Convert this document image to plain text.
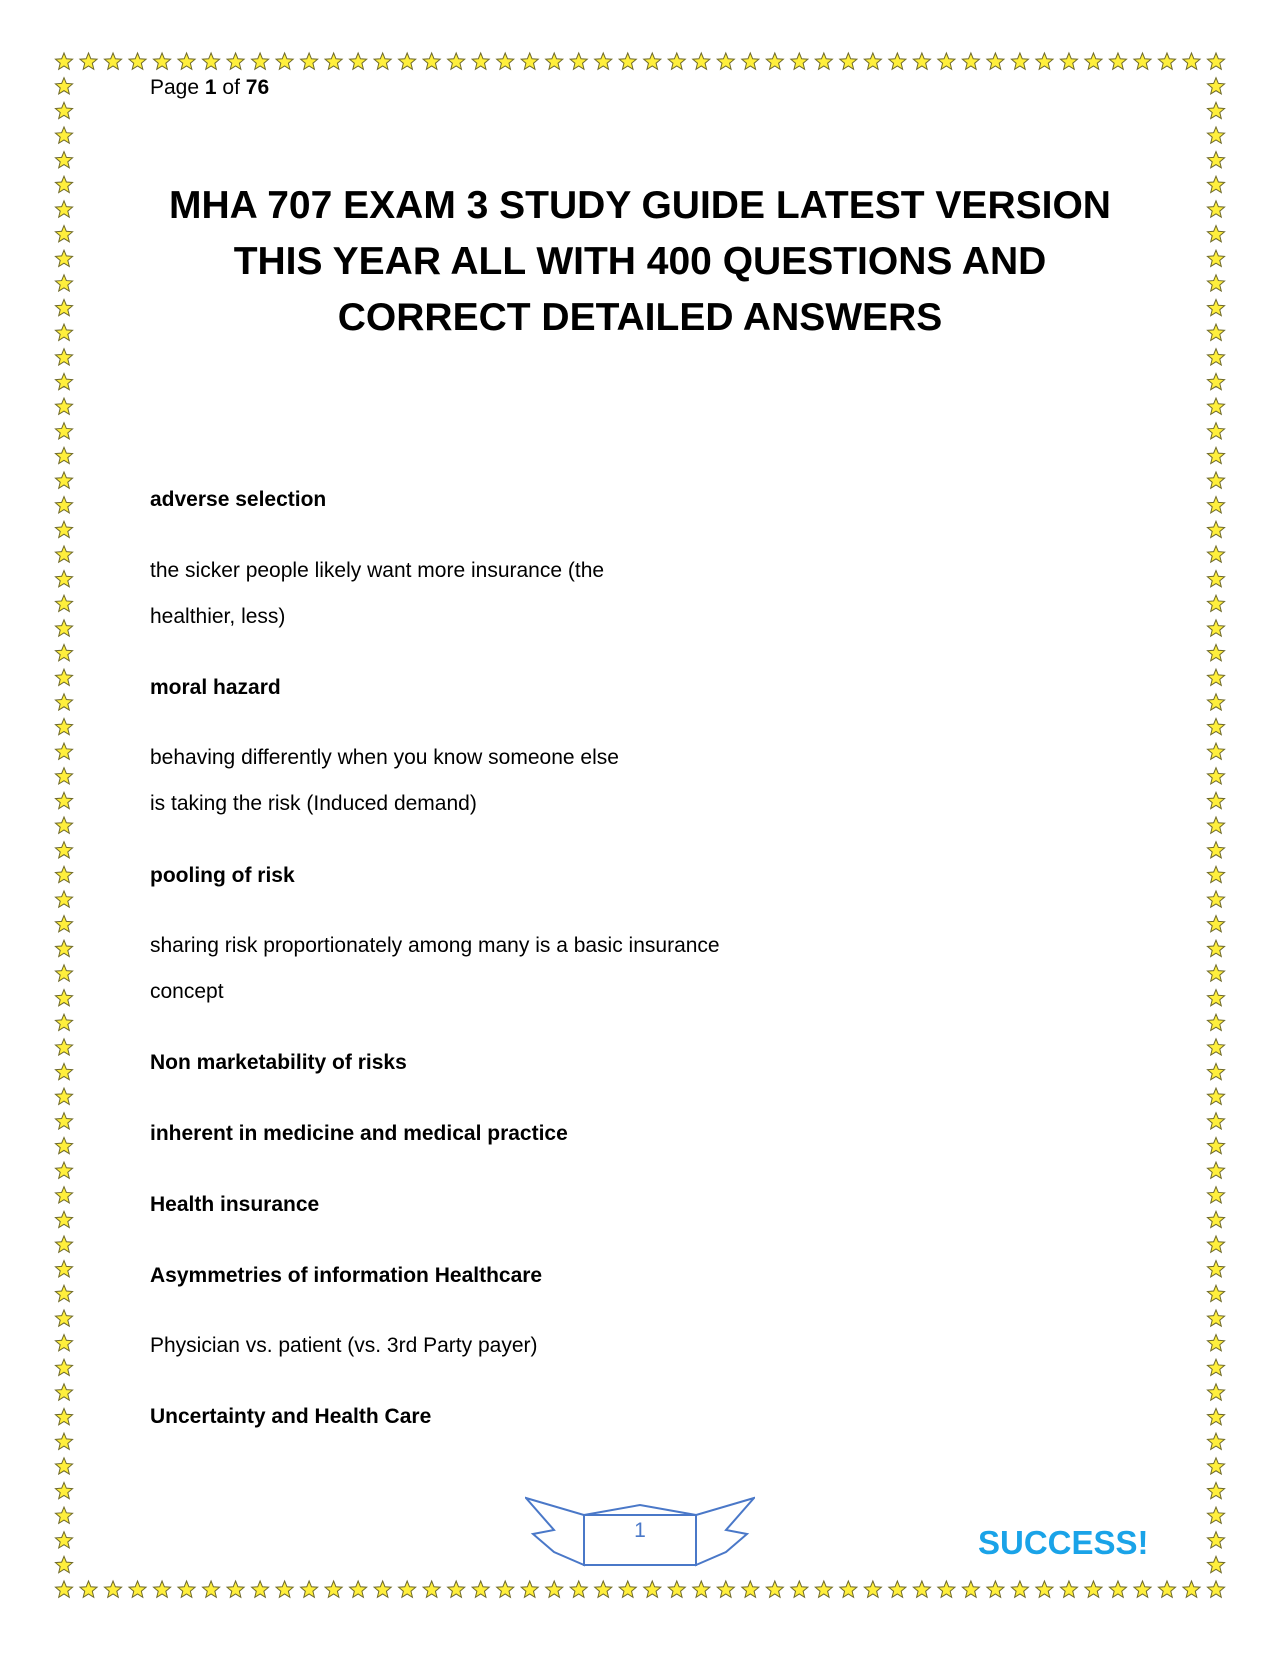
Page 1 of 76
MHA 707 EXAM 3 STUDY GUIDE LATEST VERSION
THIS YEAR ALL WITH 400 QUESTIONS AND
CORRECT DETAILED ANSWERS
adverse selection
the sicker people likely want more insurance (the
healthier, less)
moral hazard
behaving differently when you know someone else
is taking the risk (Induced demand)
pooling of risk
sharing risk proportionately among many is a basic insurance
concept
Non marketability of risks
inherent in medicine and medical practice
Health insurance
Asymmetries of information Healthcare
Physician vs. patient (vs. 3rd Party payer)
Uncertainty and Health Care
1	SUCCESS!
